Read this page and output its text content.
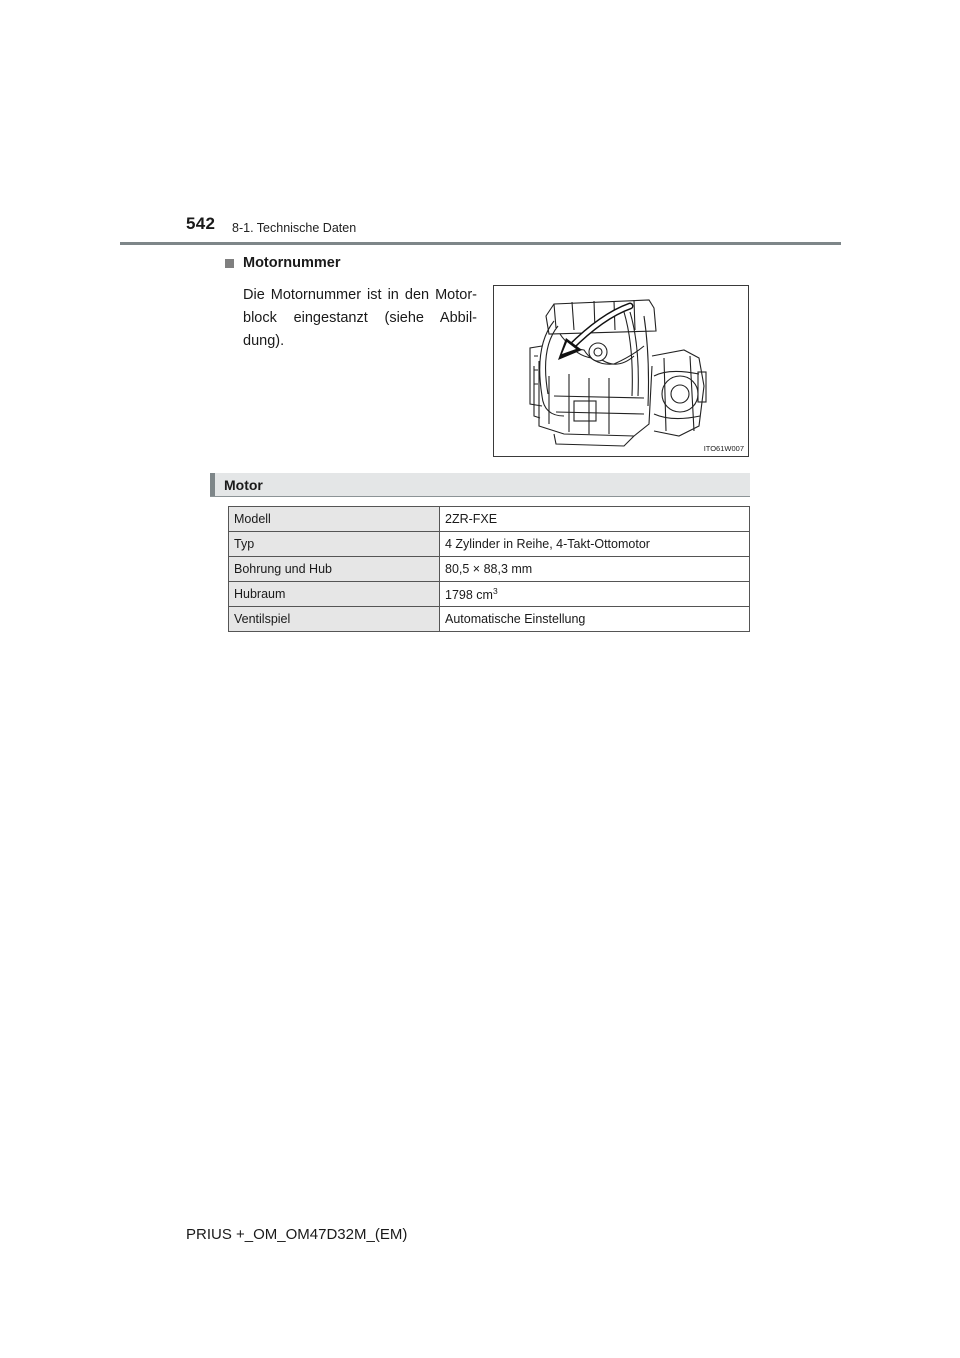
542 8-1. Technische Daten
Motornummer
Die Motornummer ist in den Motor-block eingestanzt (siehe Abbil-dung).
ITO61W007
Motor
Modell	2ZR-FXE
Typ	4 Zylinder in Reihe, 4-Takt-Ottomotor
Bohrung und Hub	80,5 × 88,3 mm
Hubraum	1798 $cm^3$
Ventilspiel	Automatische Einstellung
PRIUS +_OM_OM47D32M_(EM)
